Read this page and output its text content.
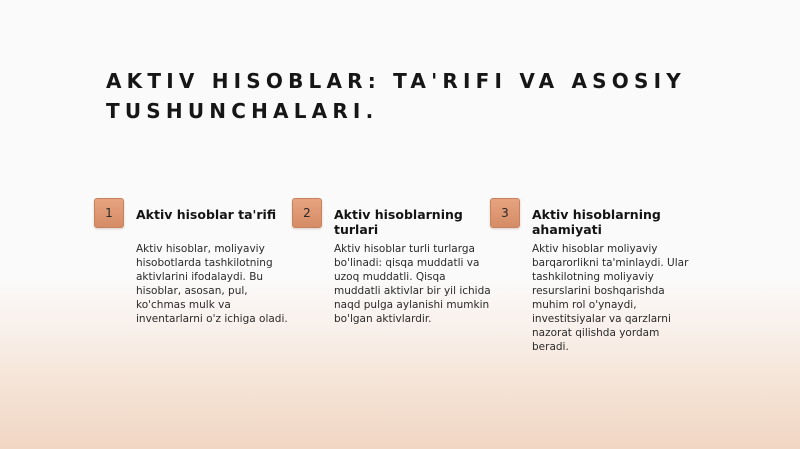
AKTIV HISOBLAR: TA'RIFI VA ASOSIY TUSHUNCHALARI.
1	Aktiv hisoblar ta'rifi

Aktiv hisoblar, moliyaviy hisobotlarda tashkilotning aktivlarini ifodalaydi. Bu hisoblar, asosan, pul, ko'chmas mulk va inventarlarni o'z ichiga oladi.

2	Aktiv hisoblarning turlari

Aktiv hisoblar turli turlarga bo'linadi: qisqa muddatli va uzoq muddatli. Qisqa muddatli aktivlar bir yil ichida naqd pulga aylanishi mumkin bo'lgan aktivlardir.

3	Aktiv hisoblarning ahamiyati

Aktiv hisoblar moliyaviy barqarorlikni ta'minlaydi. Ular tashkilotning moliyaviy resurslarini boshqarishda muhim rol o'ynaydi, investitsiyalar va qarzlarni nazorat qilishda yordam beradi.
